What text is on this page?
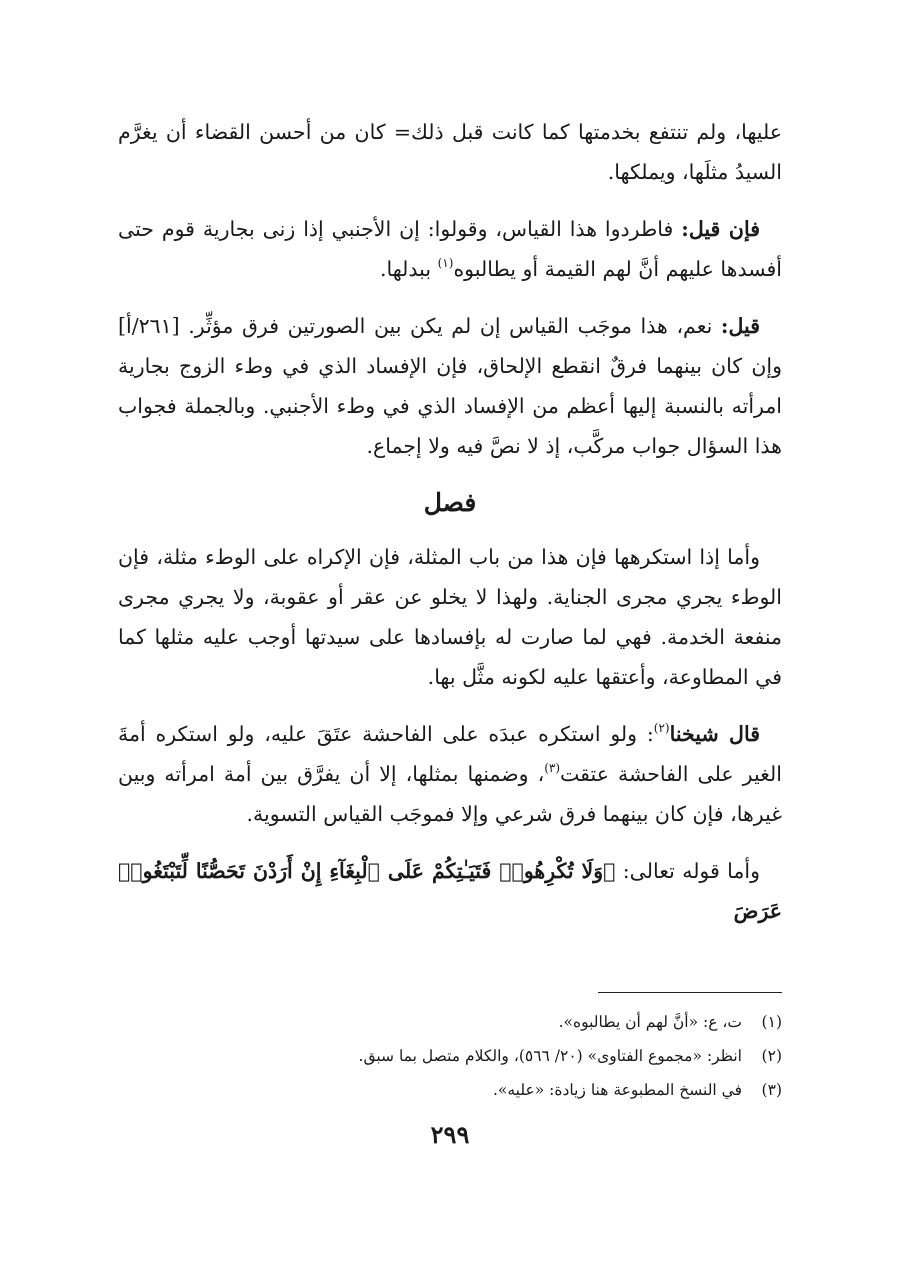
عليها، ولم تنتفع بخدمتها كما كانت قبل ذلك= كان من أحسن القضاء أن يغرَّم السيدُ مثلَها، ويملكها.

فإن قيل: فاطردوا هذا القياس، وقولوا: إن الأجنبي إذا زنى بجارية قوم حتى أفسدها عليهم أنَّ لهم القيمة أو يطالبوه$^{(١)}$ ببدلها.

قيل: نعم، هذا موجَب القياس إن لم يكن بين الصورتين فرق مؤثِّر. [٢٦١/أ] وإن كان بينهما فرقٌ انقطع الإلحاق، فإن الإفساد الذي في وطء الزوج بجارية امرأته بالنسبة إليها أعظم من الإفساد الذي في وطء الأجنبي. وبالجملة فجواب هذا السؤال جواب مركَّب، إذ لا نصَّ فيه ولا إجماع.

فصل

وأما إذا استكرهها فإن هذا من باب المثلة، فإن الإكراه على الوطء مثلة، فإن الوطء يجري مجرى الجناية. ولهذا لا يخلو عن عقر أو عقوبة، ولا يجري مجرى منفعة الخدمة. فهي لما صارت له بإفسادها على سيدتها أوجب عليه مثلها كما في المطاوعة، وأعتقها عليه لكونه مثَّل بها.

قال شيخنا$^{(٢)}$: ولو استكره عبدَه على الفاحشة عتَقَ عليه، ولو استكره أمةَ الغير على الفاحشة عتقت$^{(٣)}$، وضمنها بمثلها، إلا أن يفرَّق بين أمة امرأته وبين غيرها، فإن كان بينهما فرق شرعي وإلا فموجَب القياس التسوية.

وأما قوله تعالى: ﴿وَلَا تُكْرِهُوا۟ فَتَيَـٰتِكُمْ عَلَى ٱلْبِغَآءِ إِنْ أَرَدْنَ تَحَصُّنًا لِّتَبْتَغُوا۟ عَرَضَ

(١)
ت، ع: «أنَّ لهم أن يطالبوه».
(٢)
انظر: «مجموع الفتاوى» (٢٠/ ٥٦٦)، والكلام متصل بما سبق.
(٣)
في النسخ المطبوعة هنا زيادة: «عليه».
٢٩٩
